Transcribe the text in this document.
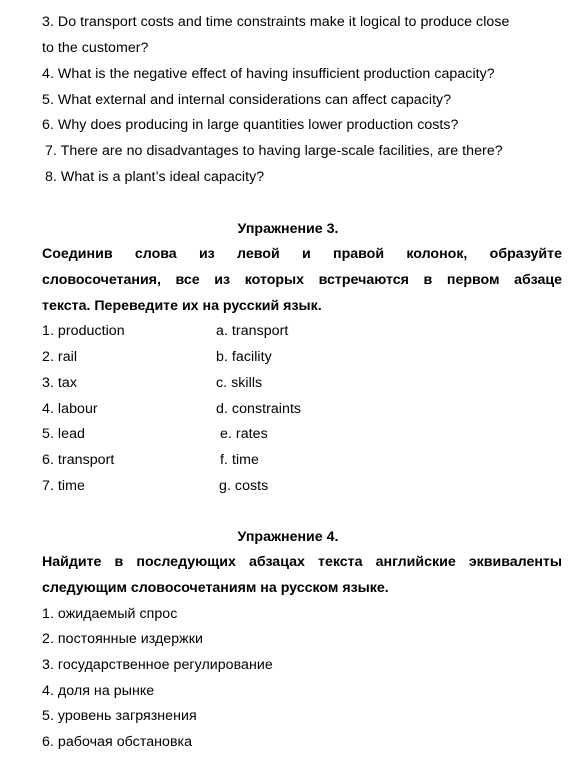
3. Do transport costs and time constraints make it logical to produce close
to the customer?
4. What is the negative effect of having insufficient production capacity?
5. What external and internal considerations can affect capacity?
6. Why does producing in large quantities lower production costs?
7. There are no disadvantages to having large-scale facilities, are there?
8. What is a plant’s ideal capacity?
Упражнение 3.
Соединив слова из левой и правой колонок, образуйте
словосочетания, все из которых встречаются в первом абзаце
текста. Переведите их на русский язык.
1. production
2. rail
3. tax
4. labour
5. lead
6. transport
7. time
a. transport
b. facility
c. skills
d. constraints
e. rates
f. time
g. costs
Упражнение 4.
Найдите в последующих абзацах текста английские эквиваленты
следующим словосочетаниям на русском языке.
1. ожидаемый спрос
2. постоянные издержки
3. государственное регулирование
4. доля на рынке
5. уровень загрязнения
6. рабочая обстановка
